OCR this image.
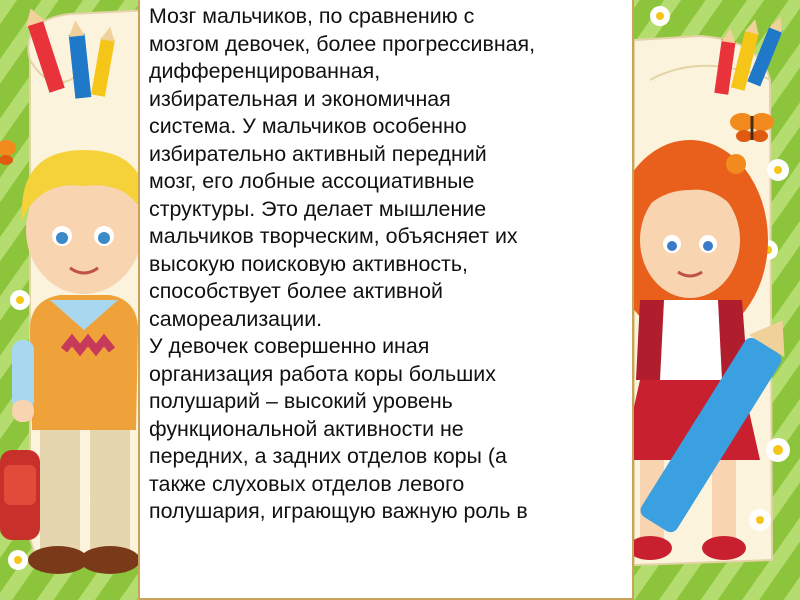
Мозг мальчиков, по сравнению с
мозгом девочек, более прогрессивная,
дифференцированная,
избирательная и экономичная
система. У мальчиков особенно
избирательно активный передний
мозг, его лобные ассоциативные
структуры. Это делает мышление
мальчиков творческим, объясняет их
высокую поисковую активность,
способствует более активной
самореализации.

У девочек совершенно иная
организация работа коры больших
полушарий – высокий уровень
функциональной активности не
передних, а задних отделов коры (а
также слуховых отделов левого
полушария, играющую важную роль в
